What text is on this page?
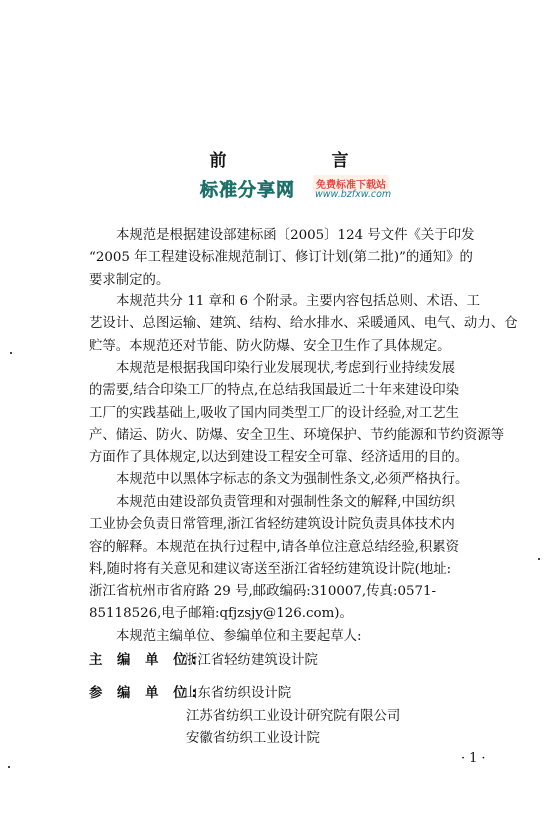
前　言
标准分享网	免费标准下载站
www.bzfxw.com
本规范是根据建设部建标函〔2005〕124 号文件《关于印发
“2005 年工程建设标准规范制订、修订计划(第二批)”的通知》的
要求制定的。
本规范共分 11 章和 6 个附录。主要内容包括总则、术语、工
艺设计、总图运输、建筑、结构、给水排水、采暖通风、电气、动力、仓
贮等。本规范还对节能、防火防爆、安全卫生作了具体规定。
本规范是根据我国印染行业发展现状,考虑到行业持续发展
的需要,结合印染工厂的特点,在总结我国最近二十年来建设印染
工厂的实践基础上,吸收了国内同类型工厂的设计经验,对工艺生
产、储运、防火、防爆、安全卫生、环境保护、节约能源和节约资源等
方面作了具体规定,以达到建设工程安全可靠、经济适用的目的。
本规范中以黑体字标志的条文为强制性条文,必须严格执行。
本规范由建设部负责管理和对强制性条文的解释,中国纺织
工业协会负责日常管理,浙江省轻纺建筑设计院负责具体技术内
容的解释。本规范在执行过程中,请各单位注意总结经验,积累资
料,随时将有关意见和建议寄送至浙江省轻纺建筑设计院(地址:
浙江省杭州市省府路 29 号,邮政编码:310007,传真:0571-
85118526,电子邮箱:qfjzsjy@126.com)。
本规范主编单位、参编单位和主要起草人:
主 编 单 位:浙江省轻纺建筑设计院
参 编 单 位:山东省纺织设计院
江苏省纺织工业设计研究院有限公司
安徽省纺织工业设计院
·1·
